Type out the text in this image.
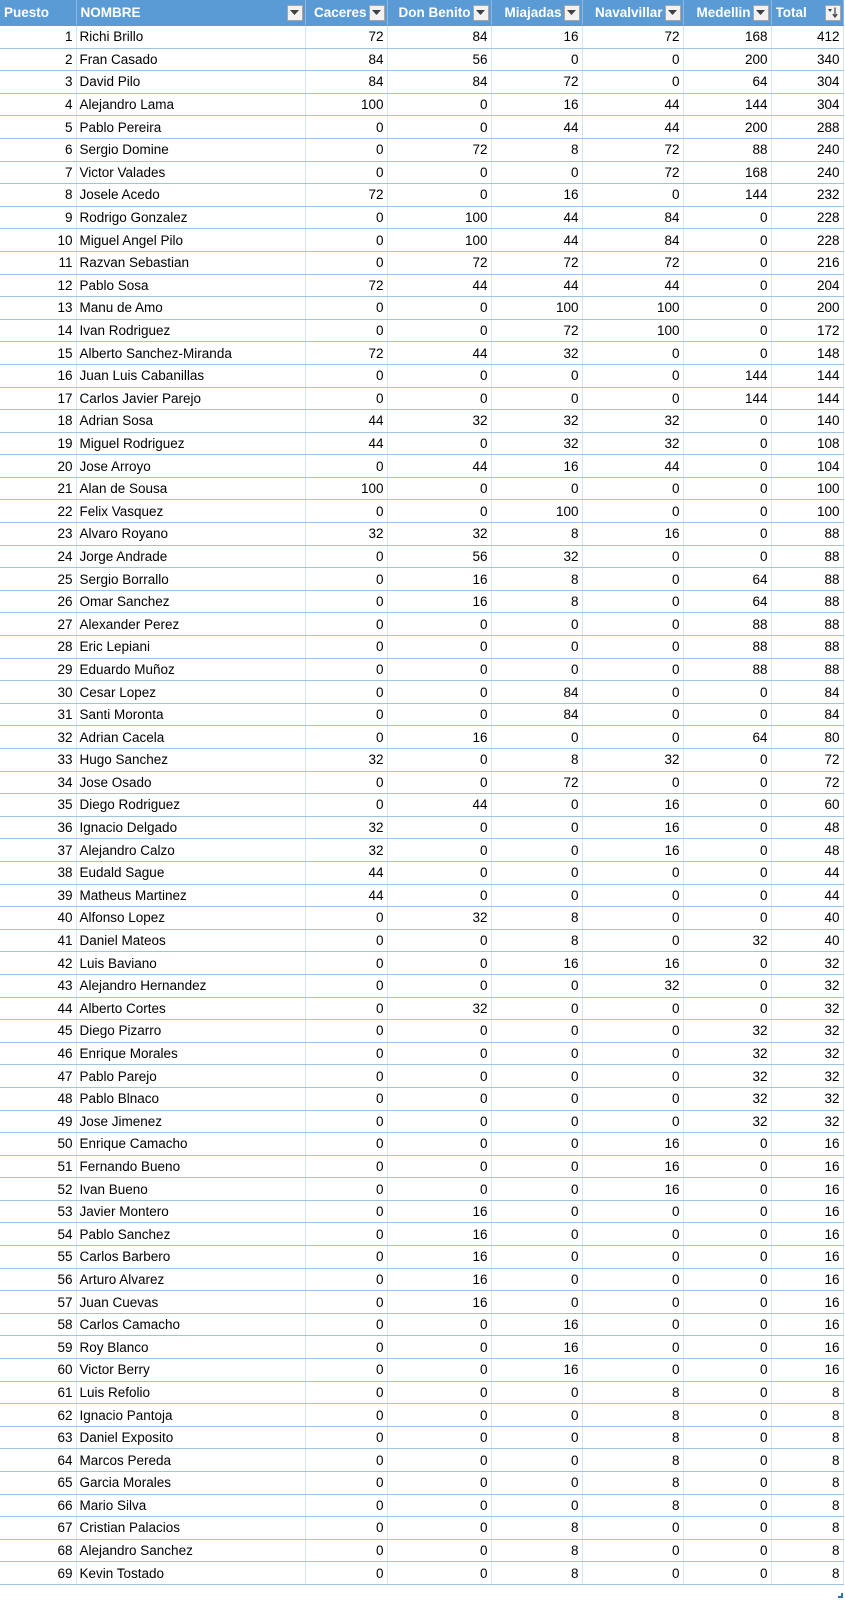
Puesto	NOMBRE	Caceres	Don Benito	Miajadas	Navalvillar	Medellin	Total

1	Richi Brillo	72	84	16	72	168	412
2	Fran Casado	84	56	0	0	200	340
3	David Pilo	84	84	72	0	64	304
4	Alejandro Lama	100	0	16	44	144	304
5	Pablo Pereira	0	0	44	44	200	288
6	Sergio Domine	0	72	8	72	88	240
7	Victor Valades	0	0	0	72	168	240
8	Josele Acedo	72	0	16	0	144	232
9	Rodrigo Gonzalez	0	100	44	84	0	228
10	Miguel Angel Pilo	0	100	44	84	0	228
11	Razvan Sebastian	0	72	72	72	0	216
12	Pablo Sosa	72	44	44	44	0	204
13	Manu de Amo	0	0	100	100	0	200
14	Ivan Rodriguez	0	0	72	100	0	172
15	Alberto Sanchez-Miranda	72	44	32	0	0	148
16	Juan Luis Cabanillas	0	0	0	0	144	144
17	Carlos Javier Parejo	0	0	0	0	144	144
18	Adrian Sosa	44	32	32	32	0	140
19	Miguel Rodriguez	44	0	32	32	0	108
20	Jose Arroyo	0	44	16	44	0	104
21	Alan de Sousa	100	0	0	0	0	100
22	Felix Vasquez	0	0	100	0	0	100
23	Alvaro Royano	32	32	8	16	0	88
24	Jorge Andrade	0	56	32	0	0	88
25	Sergio Borrallo	0	16	8	0	64	88
26	Omar Sanchez	0	16	8	0	64	88
27	Alexander Perez	0	0	0	0	88	88
28	Eric Lepiani	0	0	0	0	88	88
29	Eduardo Muñoz	0	0	0	0	88	88
30	Cesar Lopez	0	0	84	0	0	84
31	Santi Moronta	0	0	84	0	0	84
32	Adrian Cacela	0	16	0	0	64	80
33	Hugo Sanchez	32	0	8	32	0	72
34	Jose Osado	0	0	72	0	0	72
35	Diego Rodriguez	0	44	0	16	0	60
36	Ignacio Delgado	32	0	0	16	0	48
37	Alejandro Calzo	32	0	0	16	0	48
38	Eudald Sague	44	0	0	0	0	44
39	Matheus Martinez	44	0	0	0	0	44
40	Alfonso Lopez	0	32	8	0	0	40
41	Daniel Mateos	0	0	8	0	32	40
42	Luis Baviano	0	0	16	16	0	32
43	Alejandro Hernandez	0	0	0	32	0	32
44	Alberto Cortes	0	32	0	0	0	32
45	Diego Pizarro	0	0	0	0	32	32
46	Enrique Morales	0	0	0	0	32	32
47	Pablo Parejo	0	0	0	0	32	32
48	Pablo Blnaco	0	0	0	0	32	32
49	Jose Jimenez	0	0	0	0	32	32
50	Enrique Camacho	0	0	0	16	0	16
51	Fernando Bueno	0	0	0	16	0	16
52	Ivan Bueno	0	0	0	16	0	16
53	Javier Montero	0	16	0	0	0	16
54	Pablo Sanchez	0	16	0	0	0	16
55	Carlos Barbero	0	16	0	0	0	16
56	Arturo Alvarez	0	16	0	0	0	16
57	Juan Cuevas	0	16	0	0	0	16
58	Carlos Camacho	0	0	16	0	0	16
59	Roy Blanco	0	0	16	0	0	16
60	Victor Berry	0	0	16	0	0	16
61	Luis Refolio	0	0	0	8	0	8
62	Ignacio Pantoja	0	0	0	8	0	8
63	Daniel Exposito	0	0	0	8	0	8
64	Marcos Pereda	0	0	0	8	0	8
65	Garcia Morales	0	0	0	8	0	8
66	Mario Silva	0	0	0	8	0	8
67	Cristian Palacios	0	0	8	0	0	8
68	Alejandro Sanchez	0	0	8	0	0	8
69	Kevin Tostado	0	0	8	0	0	8
